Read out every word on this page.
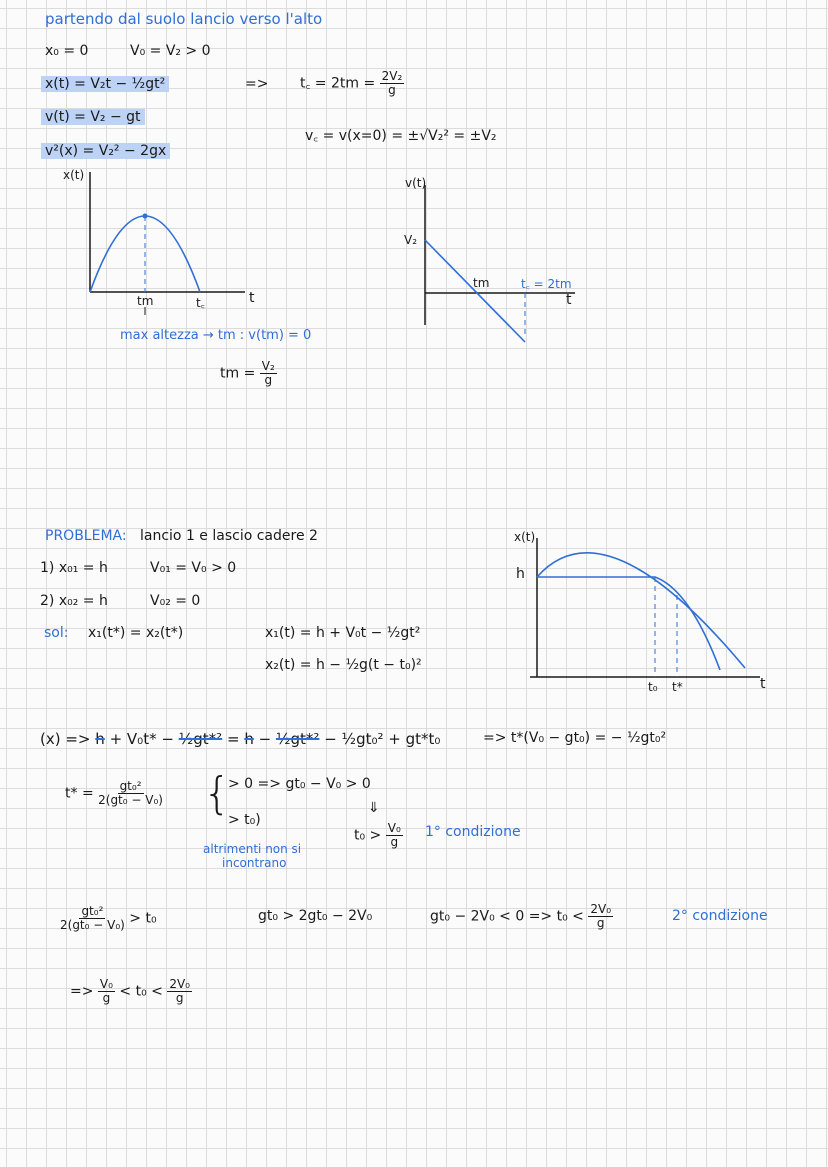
partendo dal suolo lancio verso l'alto
x₀ = 0	V₀ = V₂ > 0
x(t) = V₂t − ½gt²	=> t꜀ = $2tm = \frac{\text{2V₂}}{g}$
v(t) = V₂ − gt
v꜀ = v(x=0) = ±√V₂² = ±V₂
v²(x) = V₂² − 2gx
x(t)
tm	t꜀	t
v(t)
V₂
tm	t꜀ = 2tm
t
max altezza → tm : v(tm) = 0
tm = $\frac{\text{V₂}}{g}$
PROBLEMA: lancio 1 e lascio cadere 2
1) x₀₁ = h	V₀₁ = V₀ > 0
2) x₀₂ = h	V₀₂ = 0
sol: x₁(t*) = x₂(t*)	x₁(t) = h + V₀t − ½gt²
x₂(t) = h − ½g(t − t₀)²
x(t)
h
t₀ t*	t
(x) => h + V₀t* − ½gt*² = h − ½gt*² − ½gt₀² + gt*t₀	=> t*(V₀ − gt₀) = − ½gt₀²
$t* = \frac{\text{gt₀²}}{\text{2(gt₀ − V₀)}}$ {
> 0 => gt₀ − V₀ > 0
> t₀)
⇓
$t_0 > \frac{\text{V₀}}{g} 1^\circ$ condizione
altrimenti non si
incontrano
$\frac{\text{gt₀²}}{\text{2(gt₀ − V₀)}} > t_0$	gt₀ > 2gt₀ − 2V₀	$gt_0 - 2V_0 < 0 => t_0 < \frac{\text{2V₀}}{g}$	2° condizione
=> $\frac{\text{V₀}}{g} < t_0 < \frac{\text{2V₀}}{g}$
